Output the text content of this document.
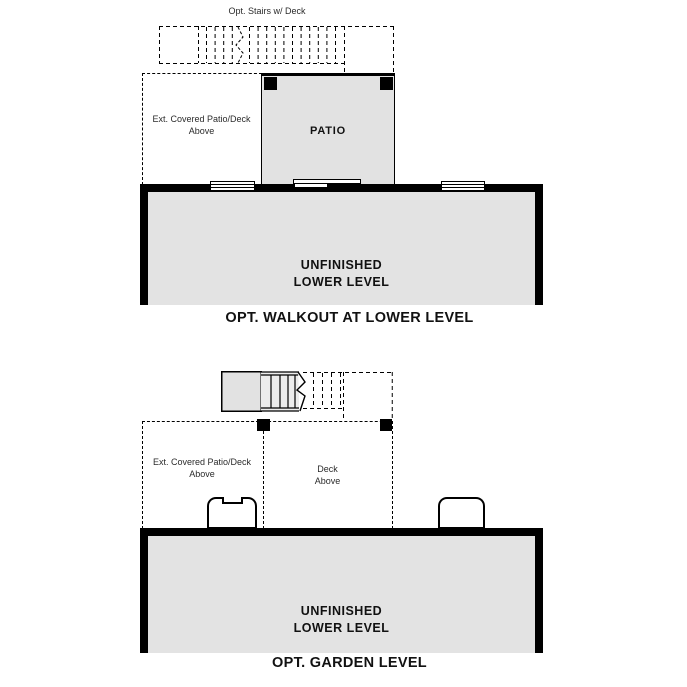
Opt. Stairs w/ Deck
Ext. Covered Patio/Deck
Above	PATIO
UNFINISHED
LOWER LEVEL
OPT. WALKOUT AT LOWER LEVEL
Ext. Covered Patio/Deck
Above	Deck
Above
UNFINISHED
LOWER LEVEL
OPT. GARDEN LEVEL
